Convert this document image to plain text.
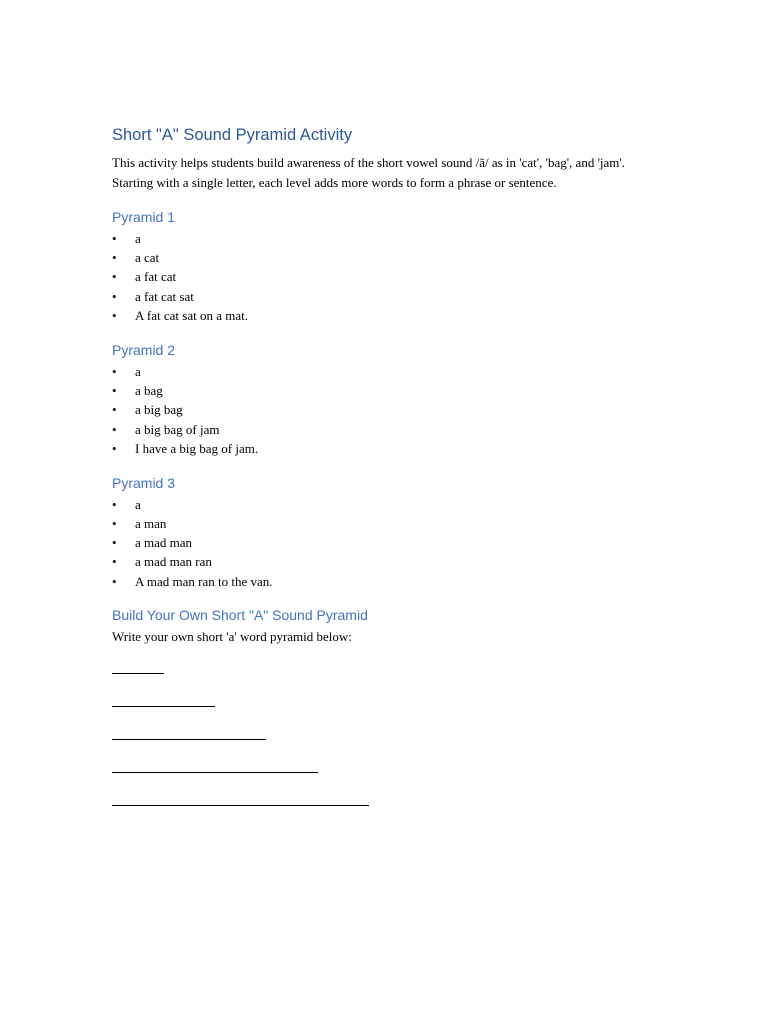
Short "A" Sound Pyramid Activity

This activity helps students build awareness of the short vowel sound /ă/ as in 'cat', 'bag', and 'jam'. Starting with a single letter, each level adds more words to form a phrase or sentence.

Pyramid 1
• a
• a cat
• a fat cat
• a fat cat sat
• A fat cat sat on a mat.
Pyramid 2
• a
• a bag
• a big bag
• a big bag of jam
• I have a big bag of jam.
Pyramid 3
• a
• a man
• a mad man
• a mad man ran
• A mad man ran to the van.
Build Your Own Short "A" Sound Pyramid

Write your own short 'a' word pyramid below:
